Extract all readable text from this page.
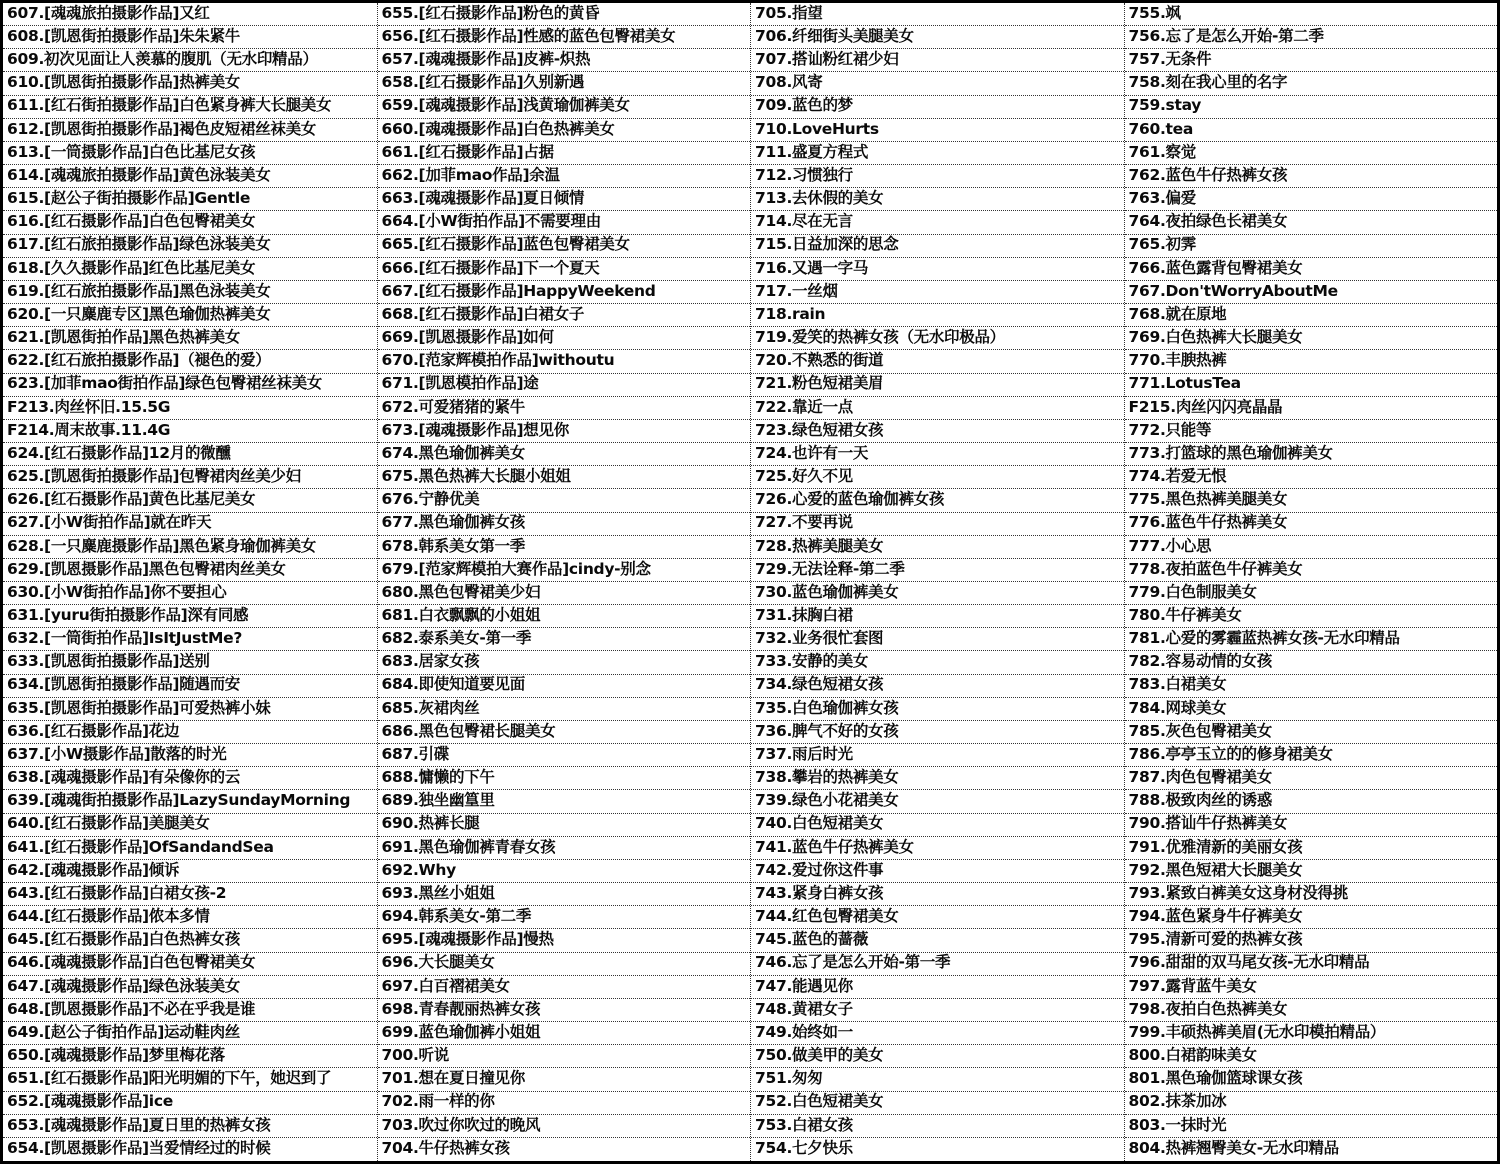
607.[魂魂旅拍摄影作品]又红
608.[凯恩街拍摄影作品]朱朱紧牛
609.初次见面让人羡慕的腹肌（无水印精品）
610.[凯恩街拍摄影作品]热裤美女
611.[红石街拍摄影作品]白色紧身裤大长腿美女
612.[凯恩街拍摄影作品]褐色皮短裙丝袜美女
613.[一筒摄影作品]白色比基尼女孩
614.[魂魂旅拍摄影作品]黄色泳装美女
615.[赵公子街拍摄影作品]Gentle
616.[红石摄影作品]白色包臀裙美女
617.[红石旅拍摄影作品]绿色泳装美女
618.[久久摄影作品]红色比基尼美女
619.[红石旅拍摄影作品]黑色泳装美女
620.[一只麋鹿专区]黑色瑜伽热裤美女
621.[凯恩街拍作品]黑色热裤美女
622.[红石旅拍摄影作品]（褪色的爱）
623.[加菲mao街拍作品]绿色包臀裙丝袜美女
F213.肉丝怀旧.15.5G
F214.周末故事.11.4G
624.[红石摄影作品]12月的微醺
625.[凯恩街拍摄影作品]包臀裙肉丝美少妇
626.[红石摄影作品]黄色比基尼美女
627.[小W街拍作品]就在昨天
628.[一只麋鹿摄影作品]黑色紧身瑜伽裤美女
629.[凯恩摄影作品]黑色包臀裙肉丝美女
630.[小W街拍作品]你不要担心
631.[yuru街拍摄影作品]深有同感
632.[一筒街拍作品]IsItJustMe?
633.[凯恩街拍摄影作品]送别
634.[凯恩街拍摄影作品]随遇而安
635.[凯恩街拍摄影作品]可爱热裤小妹
636.[红石摄影作品]花边
637.[小W摄影作品]散落的时光
638.[魂魂摄影作品]有朵像你的云
639.[魂魂街拍摄影作品]LazySundayMorning
640.[红石摄影作品]美腿美女
641.[红石摄影作品]OfSandandSea
642.[魂魂摄影作品]倾诉
643.[红石摄影作品]白裙女孩-2
644.[红石摄影作品]侬本多情
645.[红石摄影作品]白色热裤女孩
646.[魂魂摄影作品]白色包臀裙美女
647.[魂魂摄影作品]绿色泳装美女
648.[凯恩摄影作品]不必在乎我是谁
649.[赵公子街拍作品]运动鞋肉丝
650.[魂魂摄影作品]梦里梅花落
651.[红石摄影作品]阳光明媚的下午，她迟到了
652.[魂魂摄影作品]ice
653.[魂魂摄影作品]夏日里的热裤女孩
654.[凯恩摄影作品]当爱情经过的时候
655.[红石摄影作品]粉色的黄昏
656.[红石摄影作品]性感的蓝色包臀裙美女
657.[魂魂摄影作品]皮裤-炽热
658.[红石摄影作品]久别新遇
659.[魂魂摄影作品]浅黄瑜伽裤美女
660.[魂魂摄影作品]白色热裤美女
661.[红石摄影作品]占据
662.[加菲mao作品]余温
663.[魂魂摄影作品]夏日倾情
664.[小W街拍作品]不需要理由
665.[红石摄影作品]蓝色包臀裙美女
666.[红石摄影作品]下一个夏天
667.[红石摄影作品]HappyWeekend
668.[红石摄影作品]白裙女子
669.[凯恩摄影作品]如何
670.[范家辉模拍作品]withoutu
671.[凯恩模拍作品]途
672.可爱猪猪的紧牛
673.[魂魂摄影作品]想见你
674.黑色瑜伽裤美女
675.黑色热裤大长腿小姐姐
676.宁静优美
677.黑色瑜伽裤女孩
678.韩系美女第一季
679.[范家辉模拍大赛作品]cindy-别念
680.黑色包臀裙美少妇
681.白衣飘飘的小姐姐
682.泰系美女-第一季
683.居家女孩
684.即使知道要见面
685.灰裙肉丝
686.黑色包臀裙长腿美女
687.引碟
688.慵懒的下午
689.独坐幽篁里
690.热裤长腿
691.黑色瑜伽裤青春女孩
692.Why
693.黑丝小姐姐
694.韩系美女-第二季
695.[魂魂摄影作品]慢热
696.大长腿美女
697.白百褶裙美女
698.青春靓丽热裤女孩
699.蓝色瑜伽裤小姐姐
700.听说
701.想在夏日撞见你
702.雨一样的你
703.吹过你吹过的晚风
704.牛仔热裤女孩
705.指望
706.纤细街头美腿美女
707.搭讪粉红裙少妇
708.风寄
709.蓝色的梦
710.LoveHurts
711.盛夏方程式
712.习惯独行
713.去休假的美女
714.尽在无言
715.日益加深的思念
716.又遇一字马
717.一丝烟
718.rain
719.爱笑的热裤女孩（无水印极品）
720.不熟悉的街道
721.粉色短裙美眉
722.靠近一点
723.绿色短裙女孩
724.也许有一天
725.好久不见
726.心爱的蓝色瑜伽裤女孩
727.不要再说
728.热裤美腿美女
729.无法诠释-第二季
730.蓝色瑜伽裤美女
731.抹胸白裙
732.业务很忙套图
733.安静的美女
734.绿色短裙女孩
735.白色瑜伽裤女孩
736.脾气不好的女孩
737.雨后时光
738.攀岩的热裤美女
739.绿色小花裙美女
740.白色短裙美女
741.蓝色牛仔热裤美女
742.爱过你这件事
743.紧身白裤女孩
744.红色包臀裙美女
745.蓝色的蔷薇
746.忘了是怎么开始-第一季
747.能遇见你
748.黄裙女子
749.始终如一
750.做美甲的美女
751.匆匆
752.白色短裙美女
753.白裙女孩
754.七夕快乐
755.飒
756.忘了是怎么开始-第二季
757.无条件
758.刻在我心里的名字
759.stay
760.tea
761.察觉
762.蓝色牛仔热裤女孩
763.偏爱
764.夜拍绿色长裙美女
765.初霁
766.蓝色露背包臀裙美女
767.Don'tWorryAboutMe
768.就在原地
769.白色热裤大长腿美女
770.丰腴热裤
771.LotusTea
F215.肉丝闪闪亮晶晶
772.只能等
773.打篮球的黑色瑜伽裤美女
774.若爱无恨
775.黑色热裤美腿美女
776.蓝色牛仔热裤美女
777.小心思
778.夜拍蓝色牛仔裤美女
779.白色制服美女
780.牛仔裤美女
781.心爱的雾霾蓝热裤女孩-无水印精品
782.容易动情的女孩
783.白裙美女
784.网球美女
785.灰色包臀裙美女
786.亭亭玉立的的修身裙美女
787.肉色包臀裙美女
788.极致肉丝的诱惑
790.搭讪牛仔热裤美女
791.优雅清新的美丽女孩
792.黑色短裙大长腿美女
793.紧致白裤美女这身材没得挑
794.蓝色紧身牛仔裤美女
795.清新可爱的热裤女孩
796.甜甜的双马尾女孩-无水印精品
797.露背蓝牛美女
798.夜拍白色热裤美女
799.丰硕热裤美眉(无水印模拍精品）
800.白裙韵味美女
801.黑色瑜伽篮球课女孩
802.抹茶加冰
803.一抹时光
804.热裤翘臀美女-无水印精品
